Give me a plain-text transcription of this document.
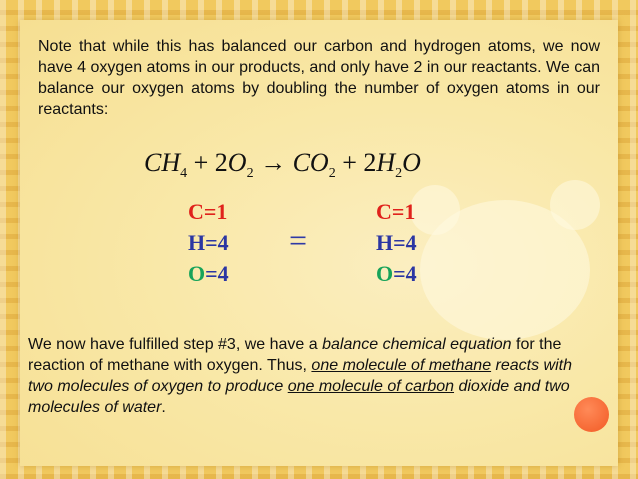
Note that while this has balanced our carbon and hydrogen atoms, we now have 4 oxygen atoms in our products, and only have 2 in our reactants. We can balance our oxygen atoms by doubling the number of oxygen atoms in our reactants:

$CH_4 + 2O_2 \to CO_2 + 2H_2O$
C=1
H=4
O=4
=
C=1
H=4
O=4

We now have fulfilled step #3, we have a balance chemical equation for the reaction of methane with oxygen. Thus, one molecule of methane reacts with two molecules of oxygen to produce one molecule of carbon dioxide and two molecules of water.
